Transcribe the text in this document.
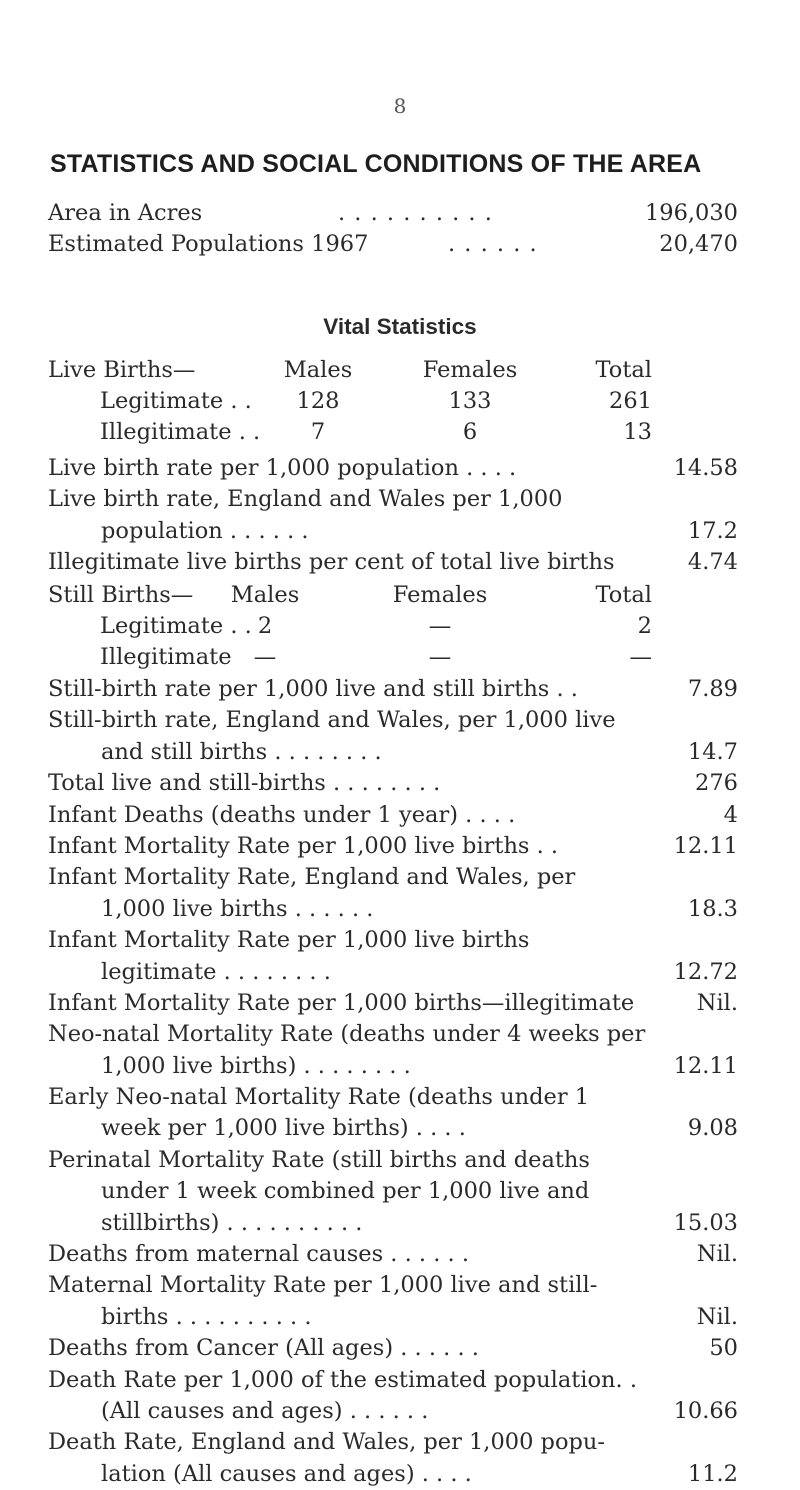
8
STATISTICS AND SOCIAL CONDITIONS OF THE AREA
Area in Acres	. . . . . . . . . .	196,030
Estimated Populations 1967	. . . . . .	20,470
Vital Statistics
Live Births—	Males	Females	Total
Legitimate . .	128	133	261
Illegitimate . .	7	6	13
Live birth rate per 1,000 population . . . .	14.58
Live birth rate, England and Wales per 1,000
population . . . . . .	17.2
Illegitimate live births per cent of total live births	4.74
Still Births—	Males	Females	Total
Legitimate . . 2	—	2
Illegitimate —	—	—
Still-birth rate per 1,000 live and still births . .	7.89
Still-birth rate, England and Wales, per 1,000 live
and still births . . . . . . . .	14.7
Total live and still-births . . . . . . . .	276
Infant Deaths (deaths under 1 year) . . . .	4
Infant Mortality Rate per 1,000 live births . .	12.11
Infant Mortality Rate, England and Wales, per
1,000 live births . . . . . .	18.3
Infant Mortality Rate per 1,000 live births
legitimate . . . . . . . .	12.72
Infant Mortality Rate per 1,000 births—illegitimate	Nil.
Neo-natal Mortality Rate (deaths under 4 weeks per
1,000 live births) . . . . . . . .	12.11
Early Neo-natal Mortality Rate (deaths under 1
week per 1,000 live births) . . . .	9.08
Perinatal Mortality Rate (still births and deaths
under 1 week combined per 1,000 live and
stillbirths) . . . . . . . . . .	15.03
Deaths from maternal causes . . . . . .	Nil.
Maternal Mortality Rate per 1,000 live and still-
births . . . . . . . . . .	Nil.
Deaths from Cancer (All ages) . . . . . .	50
Death Rate per 1,000 of the estimated population. .
(All causes and ages) . . . . . .	10.66
Death Rate, England and Wales, per 1,000 popu-
lation (All causes and ages) . . . .	11.2
